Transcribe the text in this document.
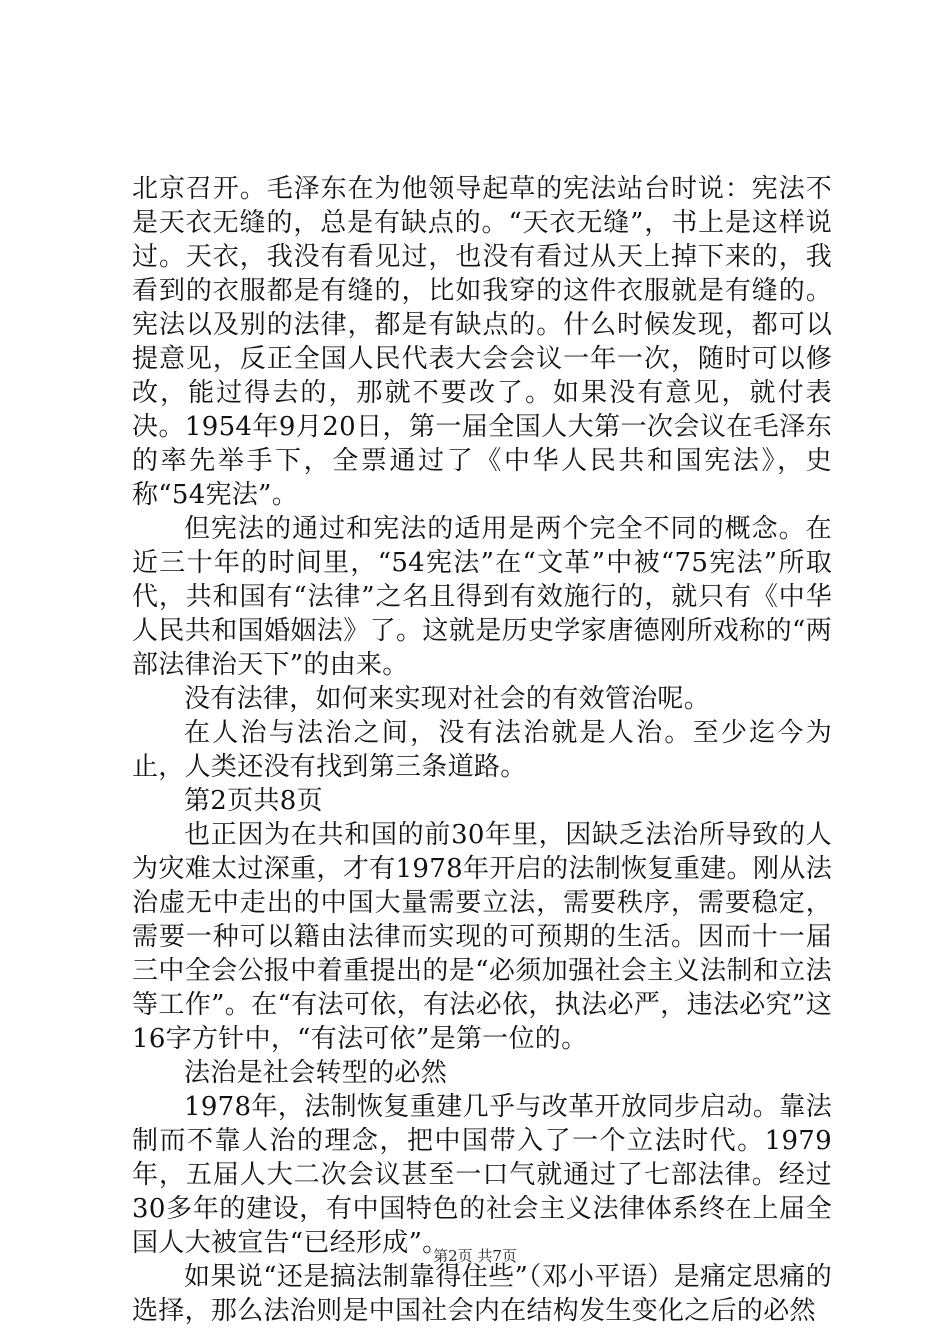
北京召开。毛泽东在为他领导起草的宪法站台时说：宪法不是天衣无缝的，总是有缺点的。“天衣无缝”，书上是这样说过。天衣，我没有看见过，也没有看过从天上掉下来的，我看到的衣服都是有缝的，比如我穿的这件衣服就是有缝的。宪法以及别的法律，都是有缺点的。什么时候发现，都可以提意见，反正全国人民代表大会会议一年一次，随时可以修改，能过得去的，那就不要改了。如果没有意见，就付表决。1954年9月20日，第一届全国人大第一次会议在毛泽东的率先举手下，全票通过了《中华人民共和国宪法》，史称“54宪法”。

但宪法的通过和宪法的适用是两个完全不同的概念。在近三十年的时间里，“54宪法”在“文革”中被“75宪法”所取代，共和国有“法律”之名且得到有效施行的，就只有《中华人民共和国婚姻法》了。这就是历史学家唐德刚所戏称的“两部法律治天下”的由来。

没有法律，如何来实现对社会的有效管治呢。

在人治与法治之间，没有法治就是人治。至少迄今为止，人类还没有找到第三条道路。

第2页共8页

也正因为在共和国的前30年里，因缺乏法治所导致的人为灾难太过深重，才有1978年开启的法制恢复重建。刚从法治虚无中走出的中国大量需要立法，需要秩序，需要稳定，需要一种可以籍由法律而实现的可预期的生活。因而十一届三中全会公报中着重提出的是“必须加强社会主义法制和立法等工作”。在“有法可依，有法必依，执法必严，违法必究”这16字方针中，“有法可依”是第一位的。

法治是社会转型的必然

1978年，法制恢复重建几乎与改革开放同步启动。靠法制而不靠人治的理念，把中国带入了一个立法时代。1979年，五届人大二次会议甚至一口气就通过了七部法律。经过30多年的建设，有中国特色的社会主义法律体系终在上届全国人大被宣告“已经形成”。

如果说“还是搞法制靠得住些”（邓小平语）是痛定思痛的选择，那么法治则是中国社会内在结构发生变化之后的必然

第2页 共7页
